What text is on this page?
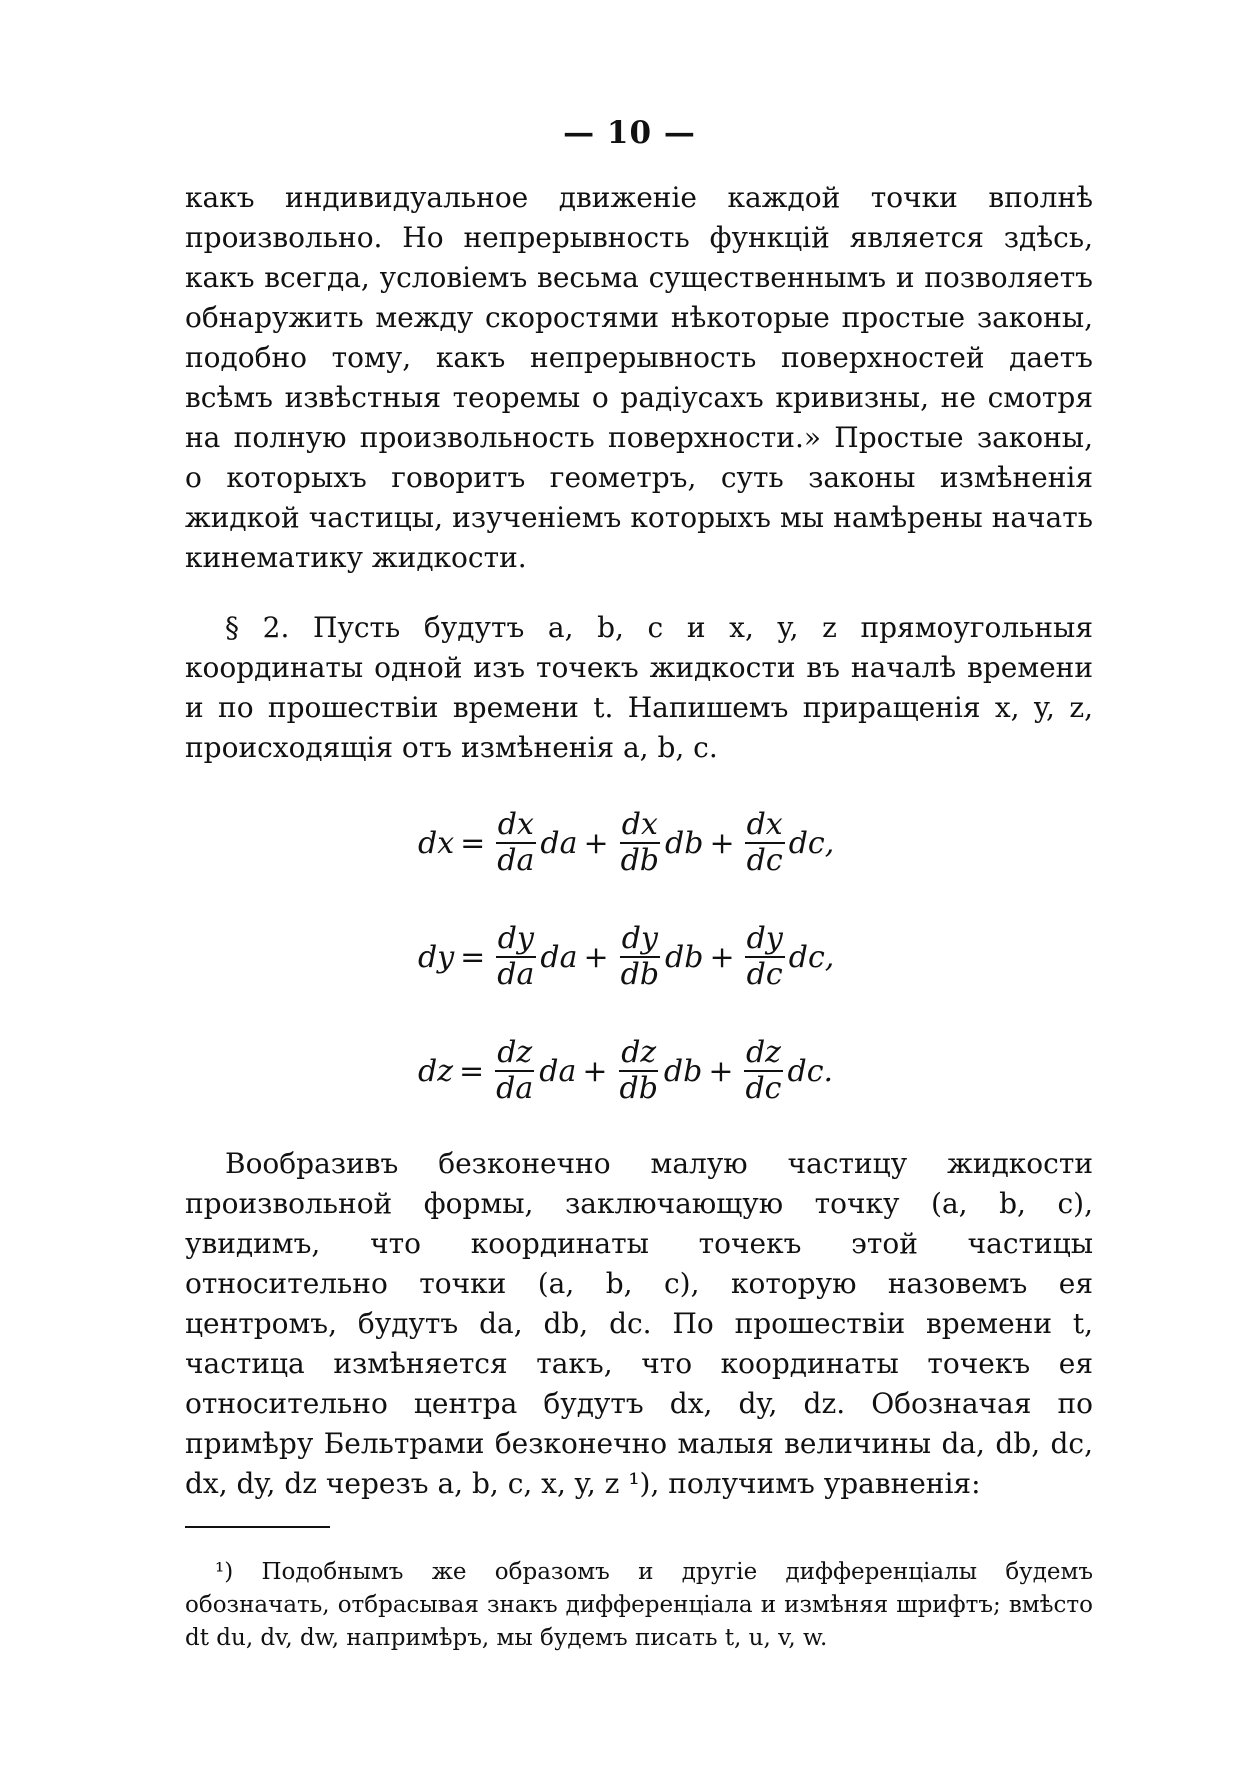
— 10 —

какъ индивидуальное движеніе каждой точки вполнѣ произвольно. Но непрерывность функцій является здѣсь, какъ всегда, условіемъ весьма существеннымъ и позволяетъ обнаружить между скоростями нѣкоторые простые законы, подобно тому, какъ непрерывность поверхностей даетъ всѣмъ извѣстныя теоремы о радіусахъ кривизны, не смотря на полную произвольность поверхности.» Простые законы, о которыхъ говоритъ геометръ, суть законы измѣненія жидкой частицы, изученіемъ которыхъ мы намѣрены начать кинематику жидкости.

§ 2. Пусть будутъ a, b, c и x, y, z прямоугольныя координаты одной изъ точекъ жидкости въ началѣ времени и по прошествіи времени t. Напишемъ приращенія x, y, z, происходящія отъ измѣненія a, b, c.

dx = $\frac{dx}{da}$ da + $\frac{dx}{db}$ db + $\frac{dx}{dc}$ dc,
dy = $\frac{dy}{da}$ da + $\frac{dy}{db}$ db + $\frac{dy}{dc}$ dc,
dz = $\frac{dz}{da}$ da + $\frac{dz}{db}$ db + $\frac{dz}{dc}$ dc.

Вообразивъ безконечно малую частицу жидкости произвольной формы, заключающую точку (a, b, c), увидимъ, что координаты точекъ этой частицы относительно точки (a, b, c), которую назовемъ ея центромъ, будутъ da, db, dc. По прошествіи времени t, частица измѣняется такъ, что координаты точекъ ея относительно центра будутъ dx, dy, dz. Обозначая по примѣру Бельтрами безконечно малыя величины da, db, dc, dx, dy, dz черезъ a, b, c, x, y, z ¹), получимъ уравненія:

¹) Подобнымъ же образомъ и другіе дифференціалы будемъ обозначать, отбрасывая знакъ дифференціала и измѣняя шрифтъ; вмѣсто dt du, dv, dw, напримѣръ, мы будемъ писать t, u, v, w.
